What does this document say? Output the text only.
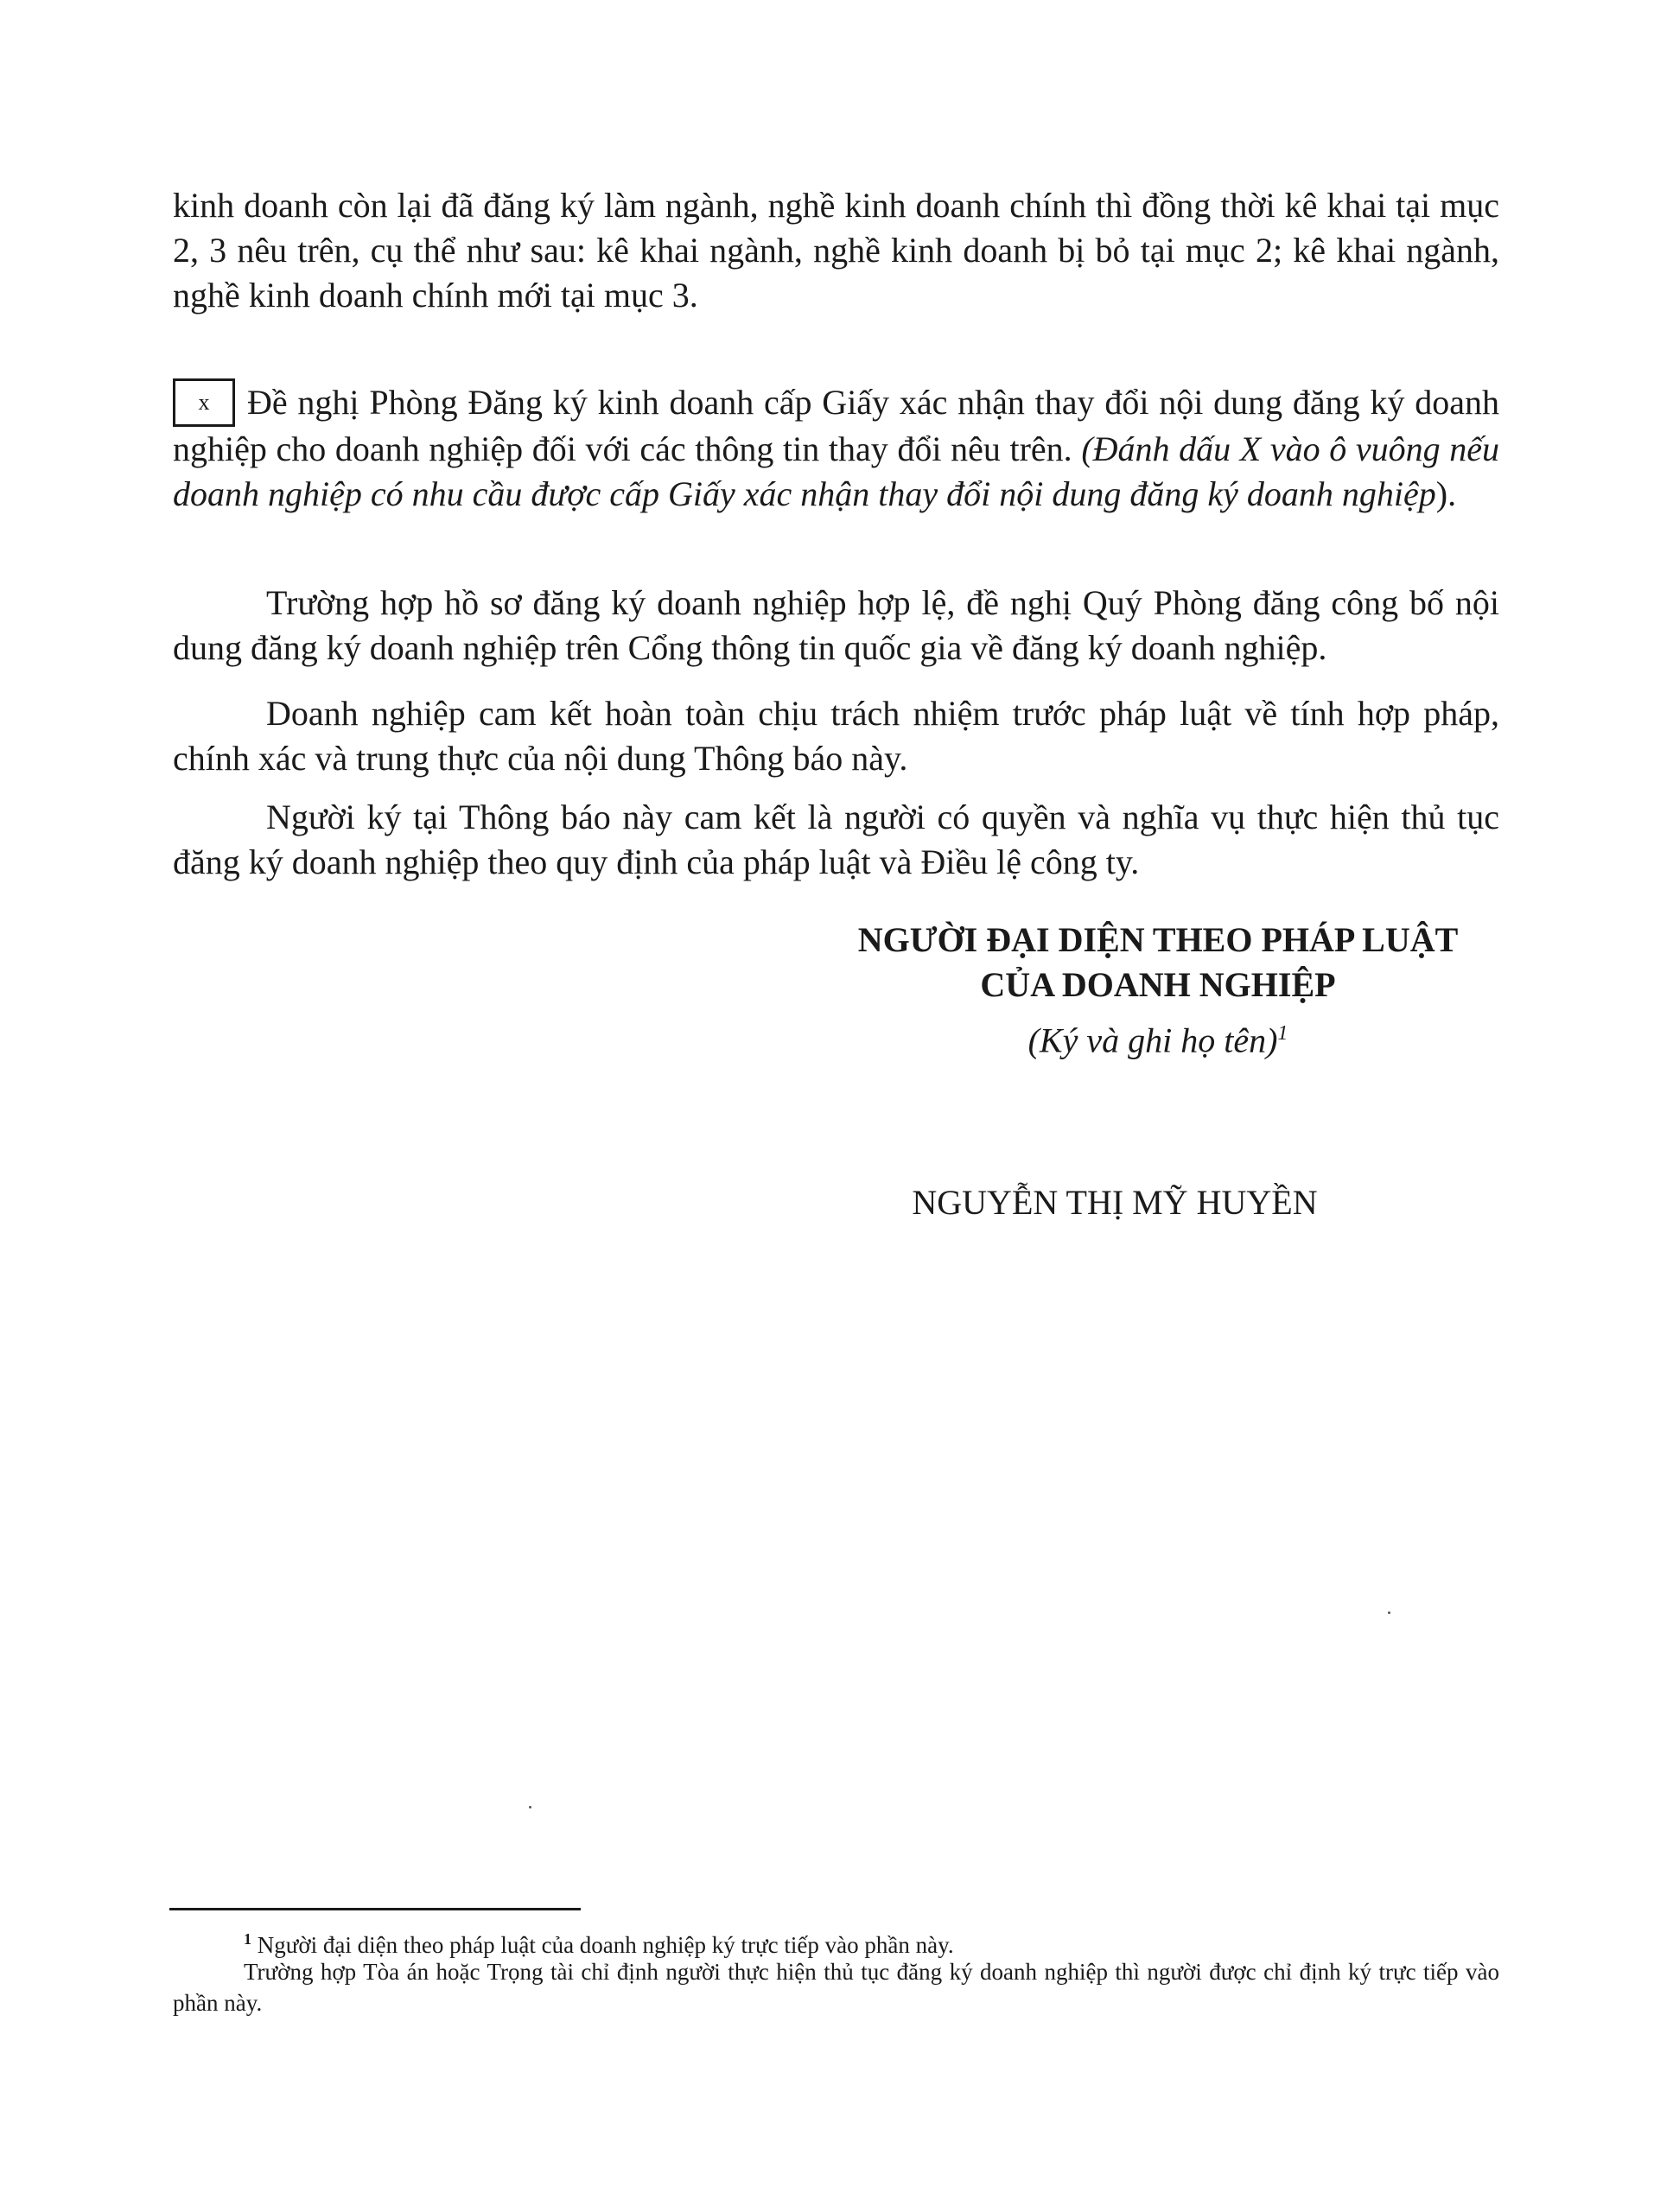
kinh doanh còn lại đã đăng ký làm ngành, nghề kinh doanh chính thì đồng thời kê khai tại mục 2, 3 nêu trên, cụ thể như sau: kê khai ngành, nghề kinh doanh bị bỏ tại mục 2; kê khai ngành, nghề kinh doanh chính mới tại mục 3.

x Đề nghị Phòng Đăng ký kinh doanh cấp Giấy xác nhận thay đổi nội dung đăng ký doanh nghiệp cho doanh nghiệp đối với các thông tin thay đổi nêu trên. (Đánh dấu X vào ô vuông nếu doanh nghiệp có nhu cầu được cấp Giấy xác nhận thay đổi nội dung đăng ký doanh nghiệp).

Trường hợp hồ sơ đăng ký doanh nghiệp hợp lệ, đề nghị Quý Phòng đăng công bố nội dung đăng ký doanh nghiệp trên Cổng thông tin quốc gia về đăng ký doanh nghiệp.

Doanh nghiệp cam kết hoàn toàn chịu trách nhiệm trước pháp luật về tính hợp pháp, chính xác và trung thực của nội dung Thông báo này.

Người ký tại Thông báo này cam kết là người có quyền và nghĩa vụ thực hiện thủ tục đăng ký doanh nghiệp theo quy định của pháp luật và Điều lệ công ty.

NGƯỜI ĐẠI DIỆN THEO PHÁP LUẬT
CỦA DOANH NGHIỆP
(Ký và ghi họ tên)$^1$
NGUYỄN THỊ MỸ HUYỀN

$^1$ Người đại diện theo pháp luật của doanh nghiệp ký trực tiếp vào phần này.

Trường hợp Tòa án hoặc Trọng tài chỉ định người thực hiện thủ tục đăng ký doanh nghiệp thì người được chỉ định ký trực tiếp vào phần này.
